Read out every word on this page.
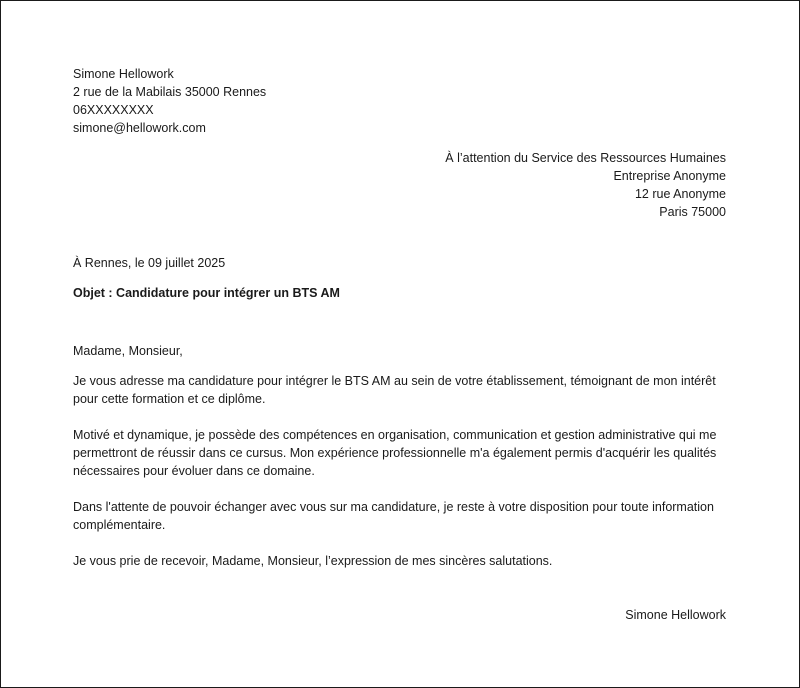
Simone Hellowork
2 rue de la Mabilais 35000 Rennes
06XXXXXXXX
simone@hellowork.com
À l’attention du Service des Ressources Humaines
Entreprise Anonyme
12 rue Anonyme
Paris 75000
À Rennes, le 09 juillet 2025
Objet : Candidature pour intégrer un BTS AM
Madame, Monsieur,
Je vous adresse ma candidature pour intégrer le BTS AM au sein de votre établissement, témoignant de mon intérêt pour cette formation et ce diplôme.
Motivé et dynamique, je possède des compétences en organisation, communication et gestion administrative qui me permettront de réussir dans ce cursus. Mon expérience professionnelle m'a également permis d'acquérir les qualités nécessaires pour évoluer dans ce domaine.
Dans l'attente de pouvoir échanger avec vous sur ma candidature, je reste à votre disposition pour toute information complémentaire.
Je vous prie de recevoir, Madame, Monsieur, l’expression de mes sincères salutations.
Simone Hellowork
